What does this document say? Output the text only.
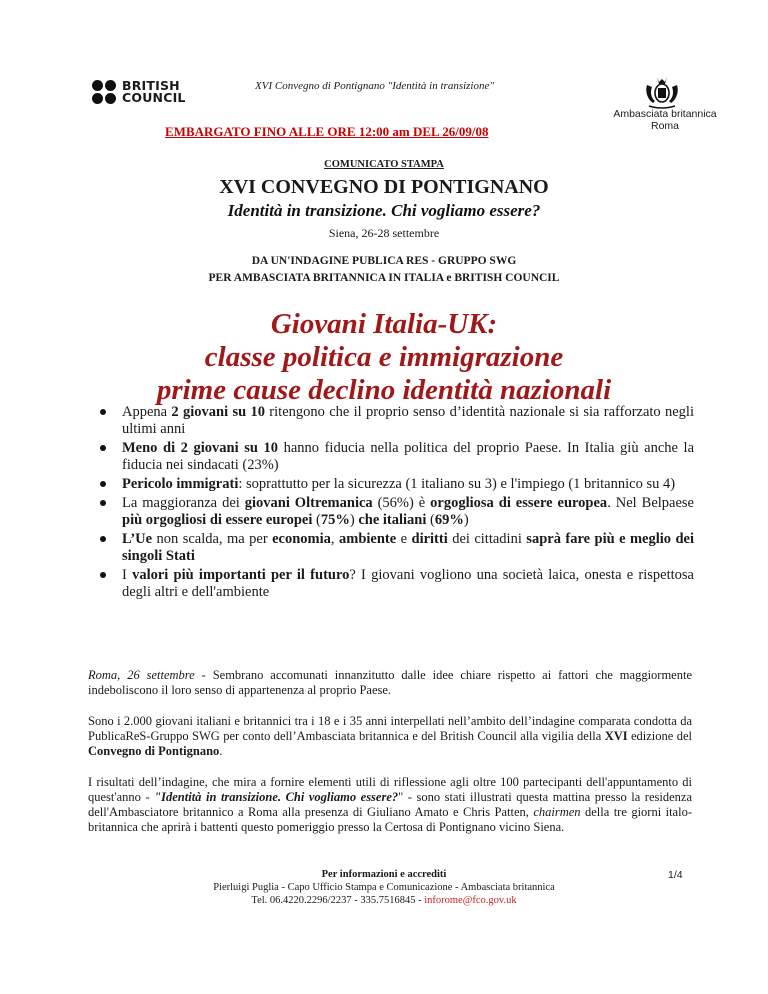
BRITISH
COUNCIL
XVI Convegno di Pontignano "Identità in transizione"
Ambasciata britannica
Roma
EMBARGATO FINO ALLE ORE 12:00 am DEL 26/09/08
COMUNICATO STAMPA
XVI CONVEGNO DI PONTIGNANO
Identità in transizione. Chi vogliamo essere?
Siena, 26-28 settembre
DA UN'INDAGINE PUBLICA RES - GRUPPO SWG
PER AMBASCIATA BRITANNICA IN ITALIA e BRITISH COUNCIL
Giovani Italia-UK:
classe politica e immigrazione
prime cause declino identità nazionali
Appena 2 giovani su 10 ritengono che il proprio senso d’identità nazionale si sia rafforzato negli ultimi anni
Meno di 2 giovani su 10 hanno fiducia nella politica del proprio Paese. In Italia giù anche la fiducia nei sindacati (23%)
Pericolo immigrati: soprattutto per la sicurezza (1 italiano su 3) e l'impiego (1 britannico su 4)
La maggioranza dei giovani Oltremanica (56%) è orgogliosa di essere europea. Nel Belpaese più orgogliosi di essere europei (75%) che italiani (69%)
L’Ue non scalda, ma per economia, ambiente e diritti dei cittadini saprà fare più e meglio dei singoli Stati
I valori più importanti per il futuro? I giovani vogliono una società laica, onesta e rispettosa degli altri e dell'ambiente

Roma, 26 settembre - Sembrano accomunati innanzitutto dalle idee chiare rispetto ai fattori che maggiormente indeboliscono il loro senso di appartenenza al proprio Paese.

Sono i 2.000 giovani italiani e britannici tra i 18 e i 35 anni interpellati nell’ambito dell’indagine comparata condotta da PublicaReS-Gruppo SWG per conto dell’Ambasciata britannica e del British Council alla vigilia della XVI edizione del Convegno di Pontignano.

I risultati dell’indagine, che mira a fornire elementi utili di riflessione agli oltre 100 partecipanti dell'appuntamento di quest'anno - "Identità in transizione. Chi vogliamo essere?" - sono stati illustrati questa mattina presso la residenza dell'Ambasciatore britannico a Roma alla presenza di Giuliano Amato e Chris Patten, chairmen della tre giorni italo-britannica che aprirà i battenti questo pomeriggio presso la Certosa di Pontignano vicino Siena.

Per informazioni e accrediti
Pierluigi Puglia - Capo Ufficio Stampa e Comunicazione - Ambasciata britannica
Tel. 06.4220.2296/2237 - 335.7516845 - inforome@fco.gov.uk
1/4
